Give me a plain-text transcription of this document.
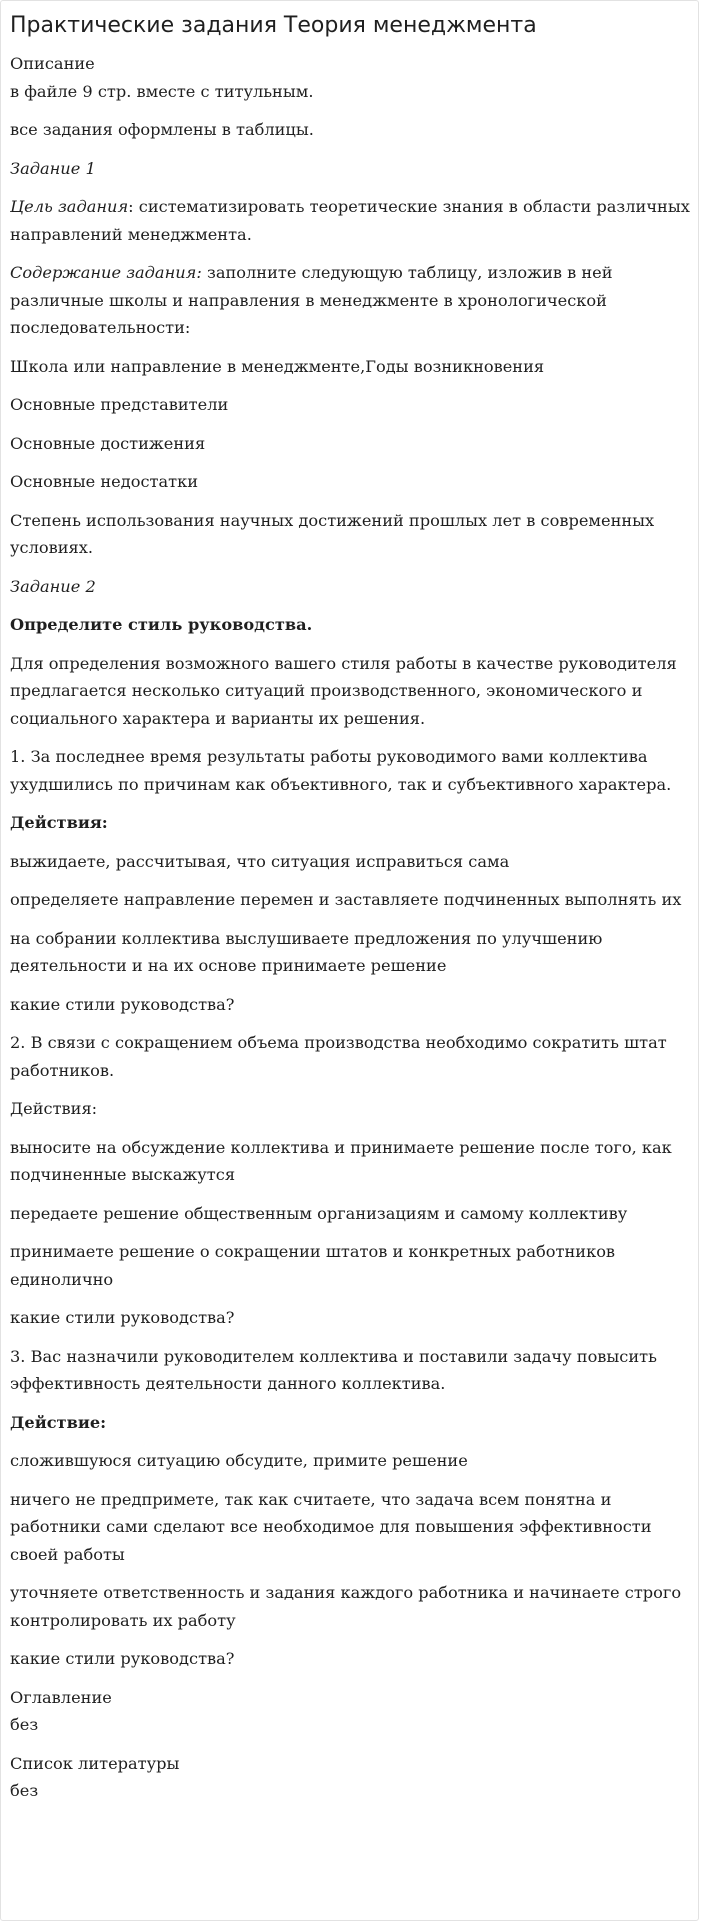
Практические задания Теория менеджмента

Описание
в файле 9 стр. вместе с титульным.

все задания оформлены в таблицы.

Задание 1

Цель задания: систематизировать теоретические знания в области различных направлений менеджмента.

Содержание задания: заполните следующую таблицу, изложив в ней различные школы и направления в менеджменте в хронологической последовательности:

Школа или направление в менеджменте,Годы возникновения

Основные представители

Основные достижения

Основные недостатки

Степень использования научных достижений прошлых лет в современных условиях.

Задание 2

Определите стиль руководства.

Для определения возможного вашего стиля работы в качестве руководителя предлагается несколько ситуаций производственного, экономического и социального характера и варианты их решения.

1. За последнее время результаты работы руководимого вами коллектива ухудшились по причинам как объективного, так и субъективного характера.

Действия:

выжидаете, рассчитывая, что ситуация исправиться сама

определяете направление перемен и заставляете подчиненных выполнять их

на собрании коллектива выслушиваете предложения по улучшению деятельности и на их основе принимаете решение

какие стили руководства?

2. В связи с сокращением объема производства необходимо сократить штат работников.

Действия:

выносите на обсуждение коллектива и принимаете решение после того, как подчиненные выскажутся

передаете решение общественным организациям и самому коллективу

принимаете решение о сокращении штатов и конкретных работников единолично

какие стили руководства?

3. Вас назначили руководителем коллектива и поставили задачу повысить эффективность деятельности данного коллектива.

Действие:

сложившуюся ситуацию обсудите, примите решение

ничего не предпримете, так как считаете, что задача всем понятна и работники сами сделают все необходимое для повышения эффективности своей работы

уточняете ответственность и задания каждого работника и начинаете строго контролировать их работу

какие стили руководства?

Оглавление
без

Список литературы
без
